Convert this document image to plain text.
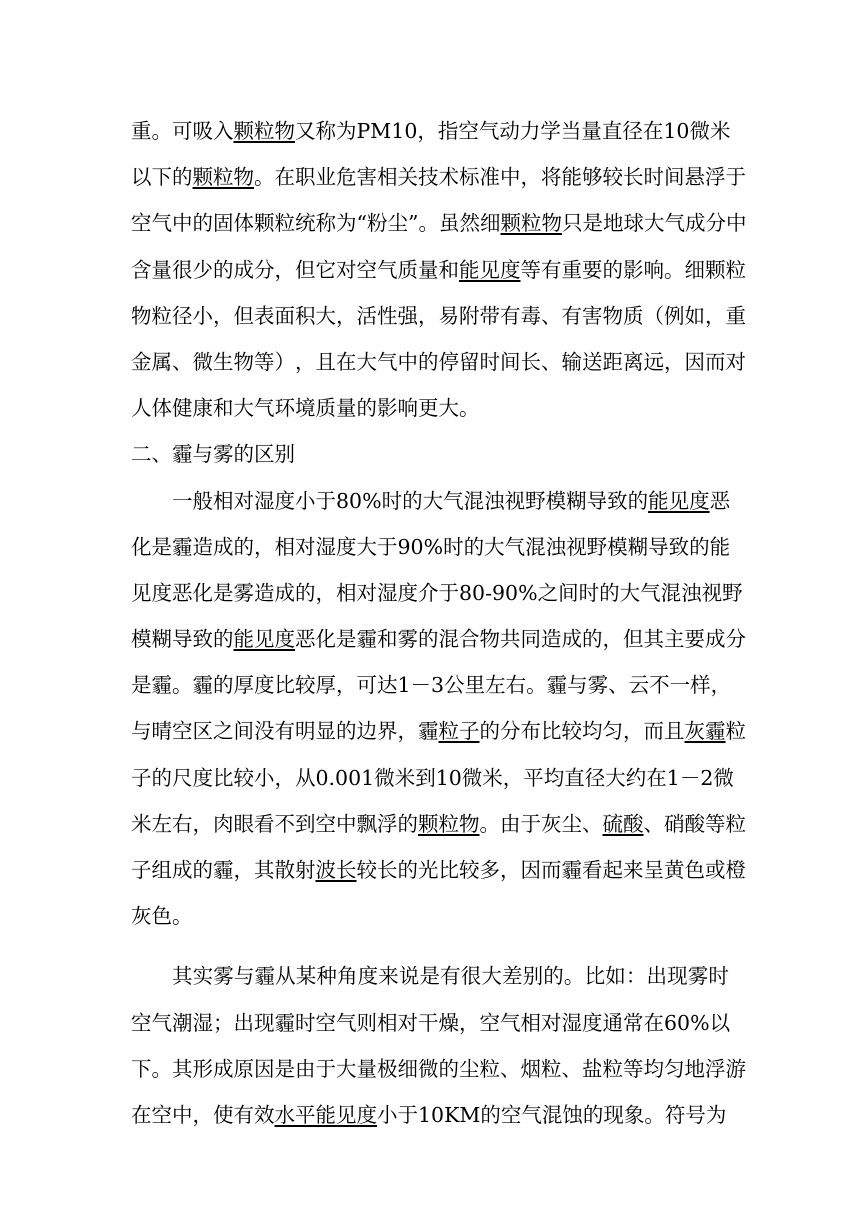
重 。 可 吸 入 颗 粒 物 又 称 为 PM10 ， 指 空 气 动 力 学 当 量 直 径 在 10 微 米
以 下 的 颗 粒 物 。 在 职 业 危 害 相 关 技 术 标 准 中 ， 将 能 够 较 长 时 间 悬 浮 于
空 气 中 的 固 体 颗 粒 统 称 为 “ 粉 尘 ” 。 虽 然 细 颗 粒 物 只 是 地 球 大 气 成 分 中
含 量 很 少 的 成 分 ， 但 它 对 空 气 质 量 和 能 见 度 等 有 重 要 的 影 响 。 细 颗 粒
物 粒 径 小 ， 但 表 面 积 大 ， 活 性 强 ， 易 附 带 有 毒 、 有 害 物 质 （ 例 如 ， 重
金 属 、 微 生 物 等 ） ， 且 在 大 气 中 的 停 留 时 间 长 、 输 送 距 离 远 ， 因 而 对
人 体 健 康 和 大 气 环 境 质 量 的 影 响 更 大 。
二 、 霾 与 雾 的 区 别
一 般 相 对 湿 度 小 于 80% 时 的 大 气 混 浊 视 野 模 糊 导 致 的 能 见 度 恶
化 是 霾 造 成 的 ， 相 对 湿 度 大 于 90% 时 的 大 气 混 浊 视 野 模 糊 导 致 的 能
见 度 恶 化 是 雾 造 成 的 ， 相 对 湿 度 介 于 80-90% 之 间 时 的 大 气 混 浊 视 野
模 糊 导 致 的 能 见 度 恶 化 是 霾 和 雾 的 混 合 物 共 同 造 成 的 ， 但 其 主 要 成 分
是 霾 。 霾 的 厚 度 比 较 厚 ， 可 达 1 － 3 公 里 左 右 。 霾 与 雾 、 云 不 一 样 ，
与 晴 空 区 之 间 没 有 明 显 的 边 界 ， 霾 粒 子 的 分 布 比 较 均 匀 ， 而 且 灰 霾 粒
子 的 尺 度 比 较 小 ， 从 0.001 微 米 到 10 微 米 ， 平 均 直 径 大 约 在 1 － 2 微
米 左 右 ， 肉 眼 看 不 到 空 中 飘 浮 的 颗 粒 物 。 由 于 灰 尘 、 硫 酸 、 硝 酸 等 粒
子 组 成 的 霾 ， 其 散 射 波 长 较 长 的 光 比 较 多 ， 因 而 霾 看 起 来 呈 黄 色 或 橙
灰 色 。
其 实 雾 与 霾 从 某 种 角 度 来 说 是 有 很 大 差 别 的 。 比 如 ： 出 现 雾 时
空 气 潮 湿 ； 出 现 霾 时 空 气 则 相 对 干 燥 ， 空 气 相 对 湿 度 通 常 在 60% 以
下 。 其 形 成 原 因 是 由 于 大 量 极 细 微 的 尘 粒 、 烟 粒 、 盐 粒 等 均 匀 地 浮 游
在 空 中 ， 使 有 效 水 平 能 见 度 小 于 10KM 的 空 气 混 蚀 的 现 象 。 符 号 为
